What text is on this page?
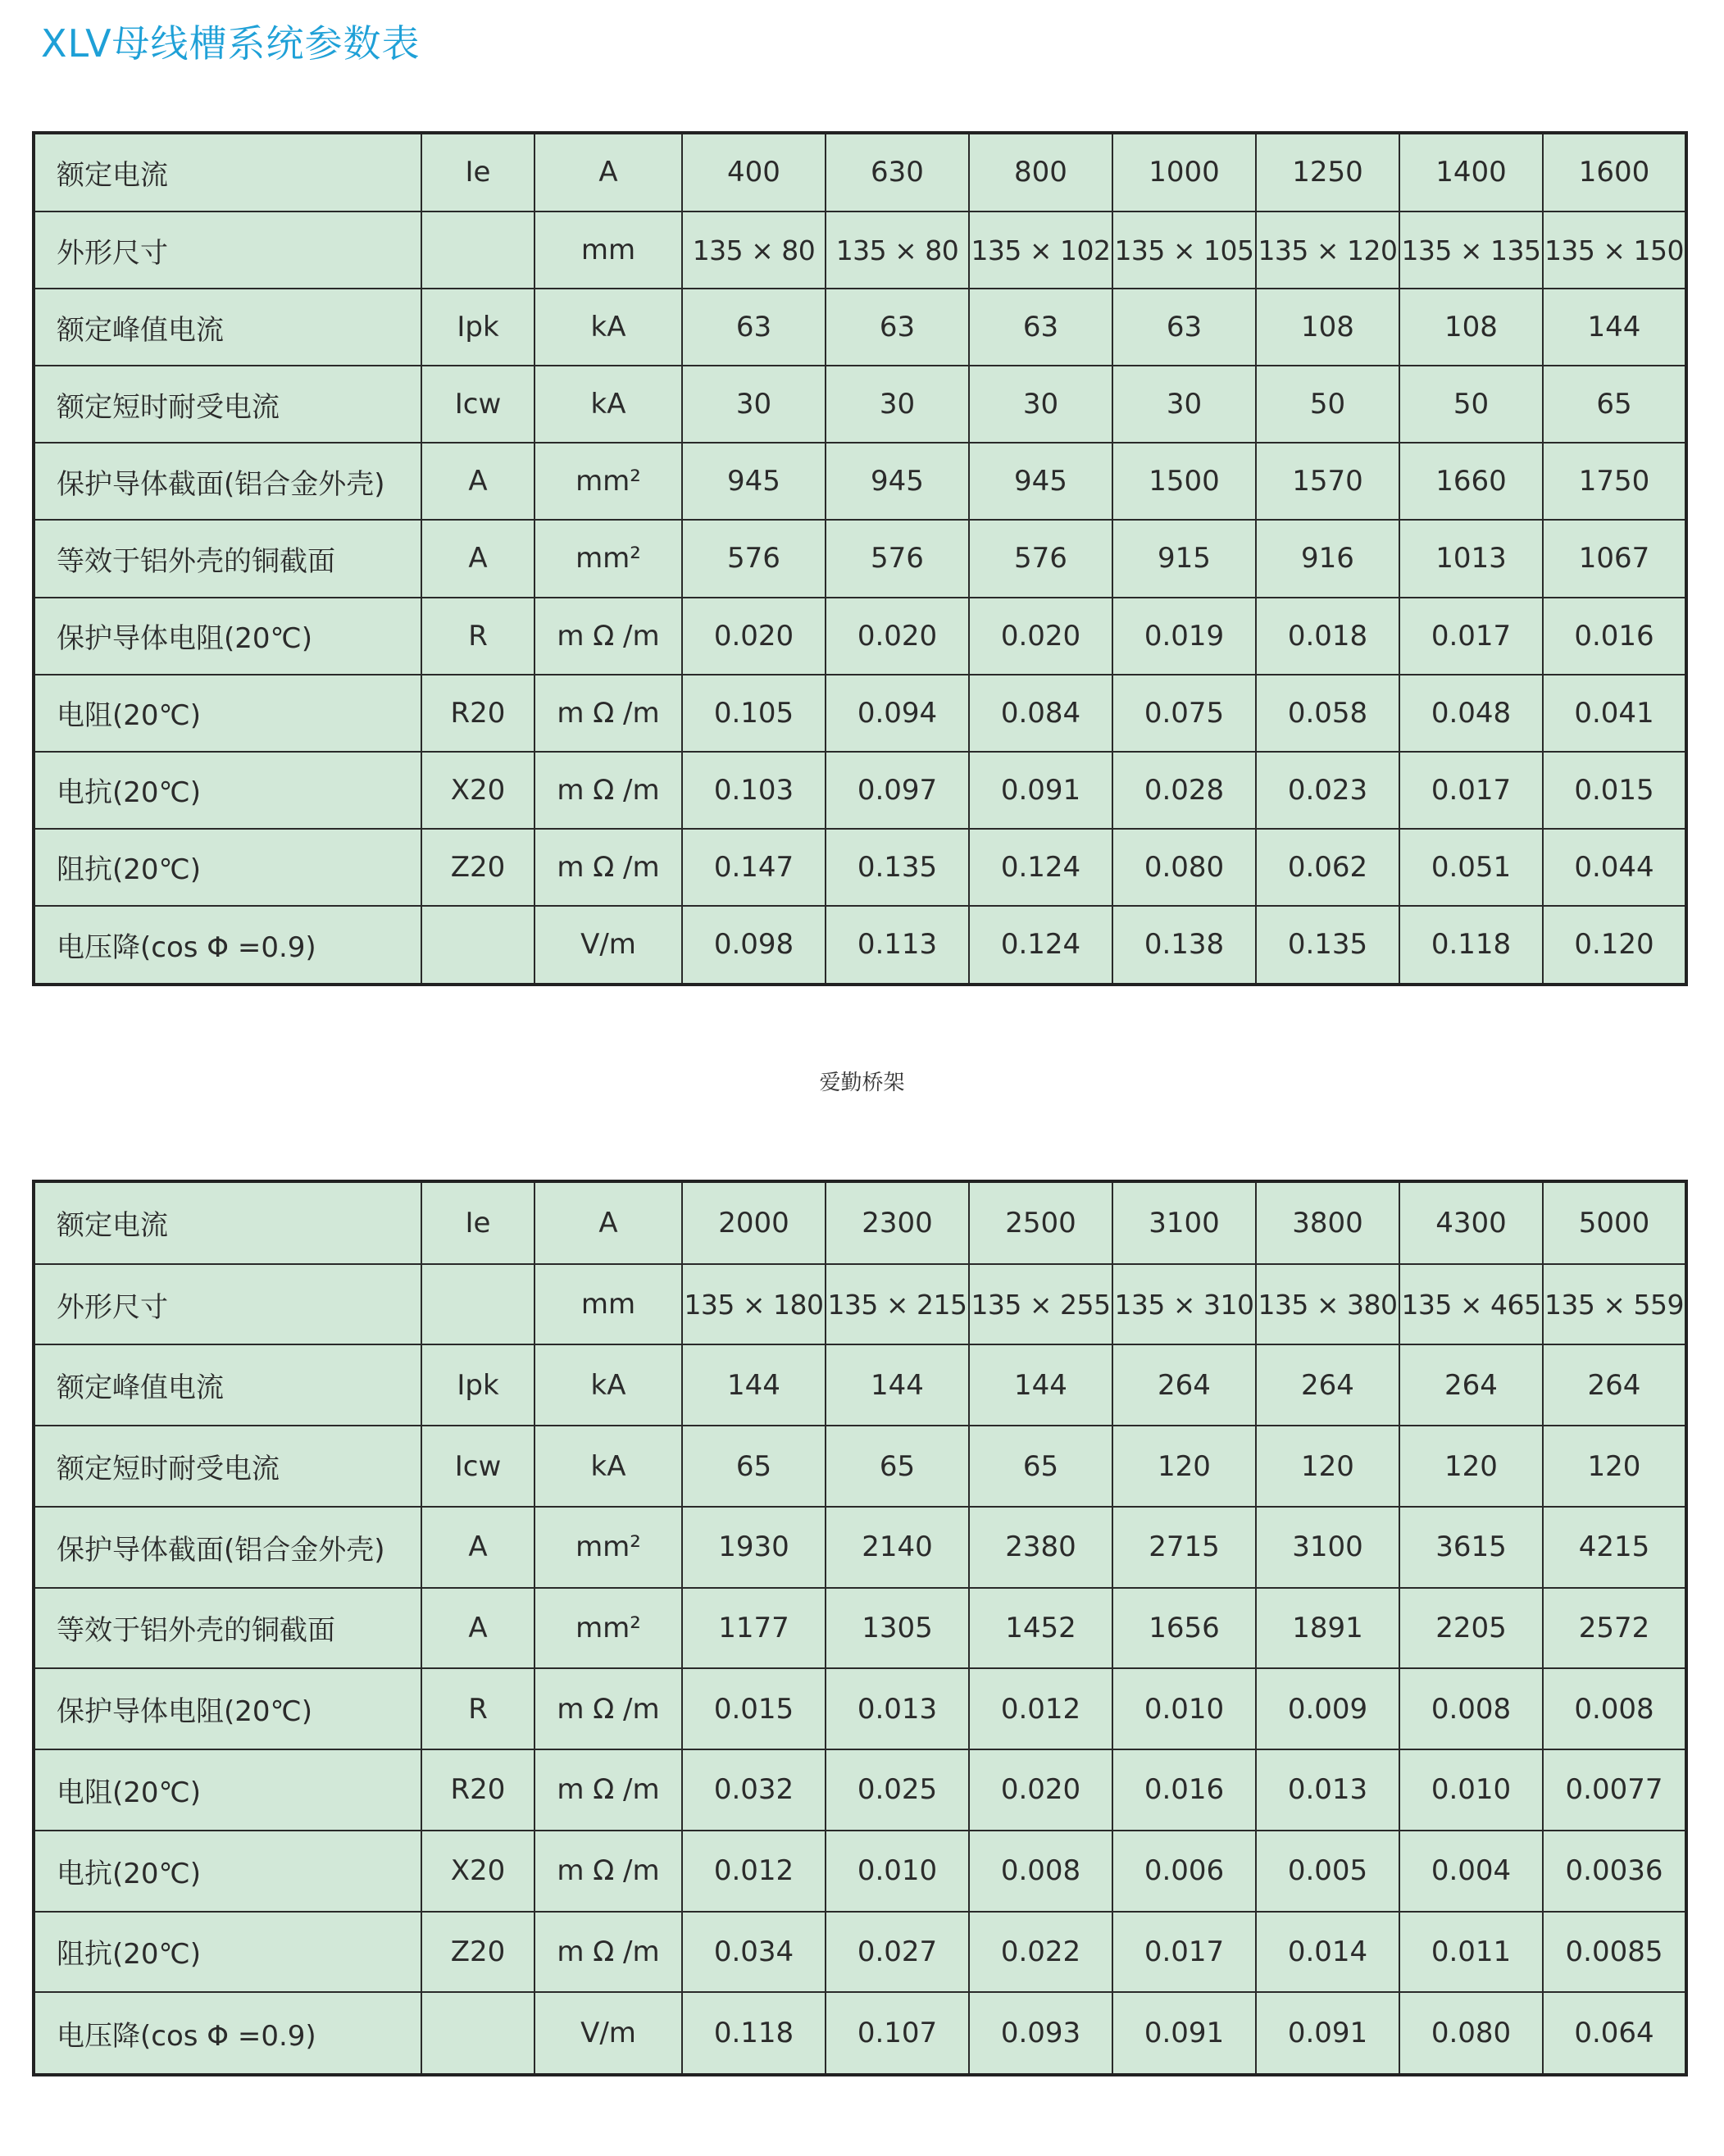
XLV母线槽系统参数表
额定电流	Ie	A	400	630	800	1000	1250	1400	1600
外形尺寸		mm	135 × 80	135 × 80	135 × 102	135 × 105	135 × 120	135 × 135	135 × 150
额定峰值电流	Ipk	kA	63	63	63	63	108	108	144
额定短时耐受电流	Icw	kA	30	30	30	30	50	50	65
保护导体截面(铝合金外壳)	A	mm²	945	945	945	1500	1570	1660	1750
等效于铝外壳的铜截面	A	mm²	576	576	576	915	916	1013	1067
保护导体电阻(20℃)	R	m Ω /m	0.020	0.020	0.020	0.019	0.018	0.017	0.016
电阻(20℃)	R20	m Ω /m	0.105	0.094	0.084	0.075	0.058	0.048	0.041
电抗(20℃)	X20	m Ω /m	0.103	0.097	0.091	0.028	0.023	0.017	0.015
阻抗(20℃)	Z20	m Ω /m	0.147	0.135	0.124	0.080	0.062	0.051	0.044
电压降(cos Φ =0.9)		V/m	0.098	0.113	0.124	0.138	0.135	0.118	0.120
爱勤桥架
额定电流	Ie	A	2000	2300	2500	3100	3800	4300	5000
外形尺寸		mm	135 × 180	135 × 215	135 × 255	135 × 310	135 × 380	135 × 465	135 × 559
额定峰值电流	Ipk	kA	144	144	144	264	264	264	264
额定短时耐受电流	Icw	kA	65	65	65	120	120	120	120
保护导体截面(铝合金外壳)	A	mm²	1930	2140	2380	2715	3100	3615	4215
等效于铝外壳的铜截面	A	mm²	1177	1305	1452	1656	1891	2205	2572
保护导体电阻(20℃)	R	m Ω /m	0.015	0.013	0.012	0.010	0.009	0.008	0.008
电阻(20℃)	R20	m Ω /m	0.032	0.025	0.020	0.016	0.013	0.010	0.0077
电抗(20℃)	X20	m Ω /m	0.012	0.010	0.008	0.006	0.005	0.004	0.0036
阻抗(20℃)	Z20	m Ω /m	0.034	0.027	0.022	0.017	0.014	0.011	0.0085
电压降(cos Φ =0.9)		V/m	0.118	0.107	0.093	0.091	0.091	0.080	0.064
